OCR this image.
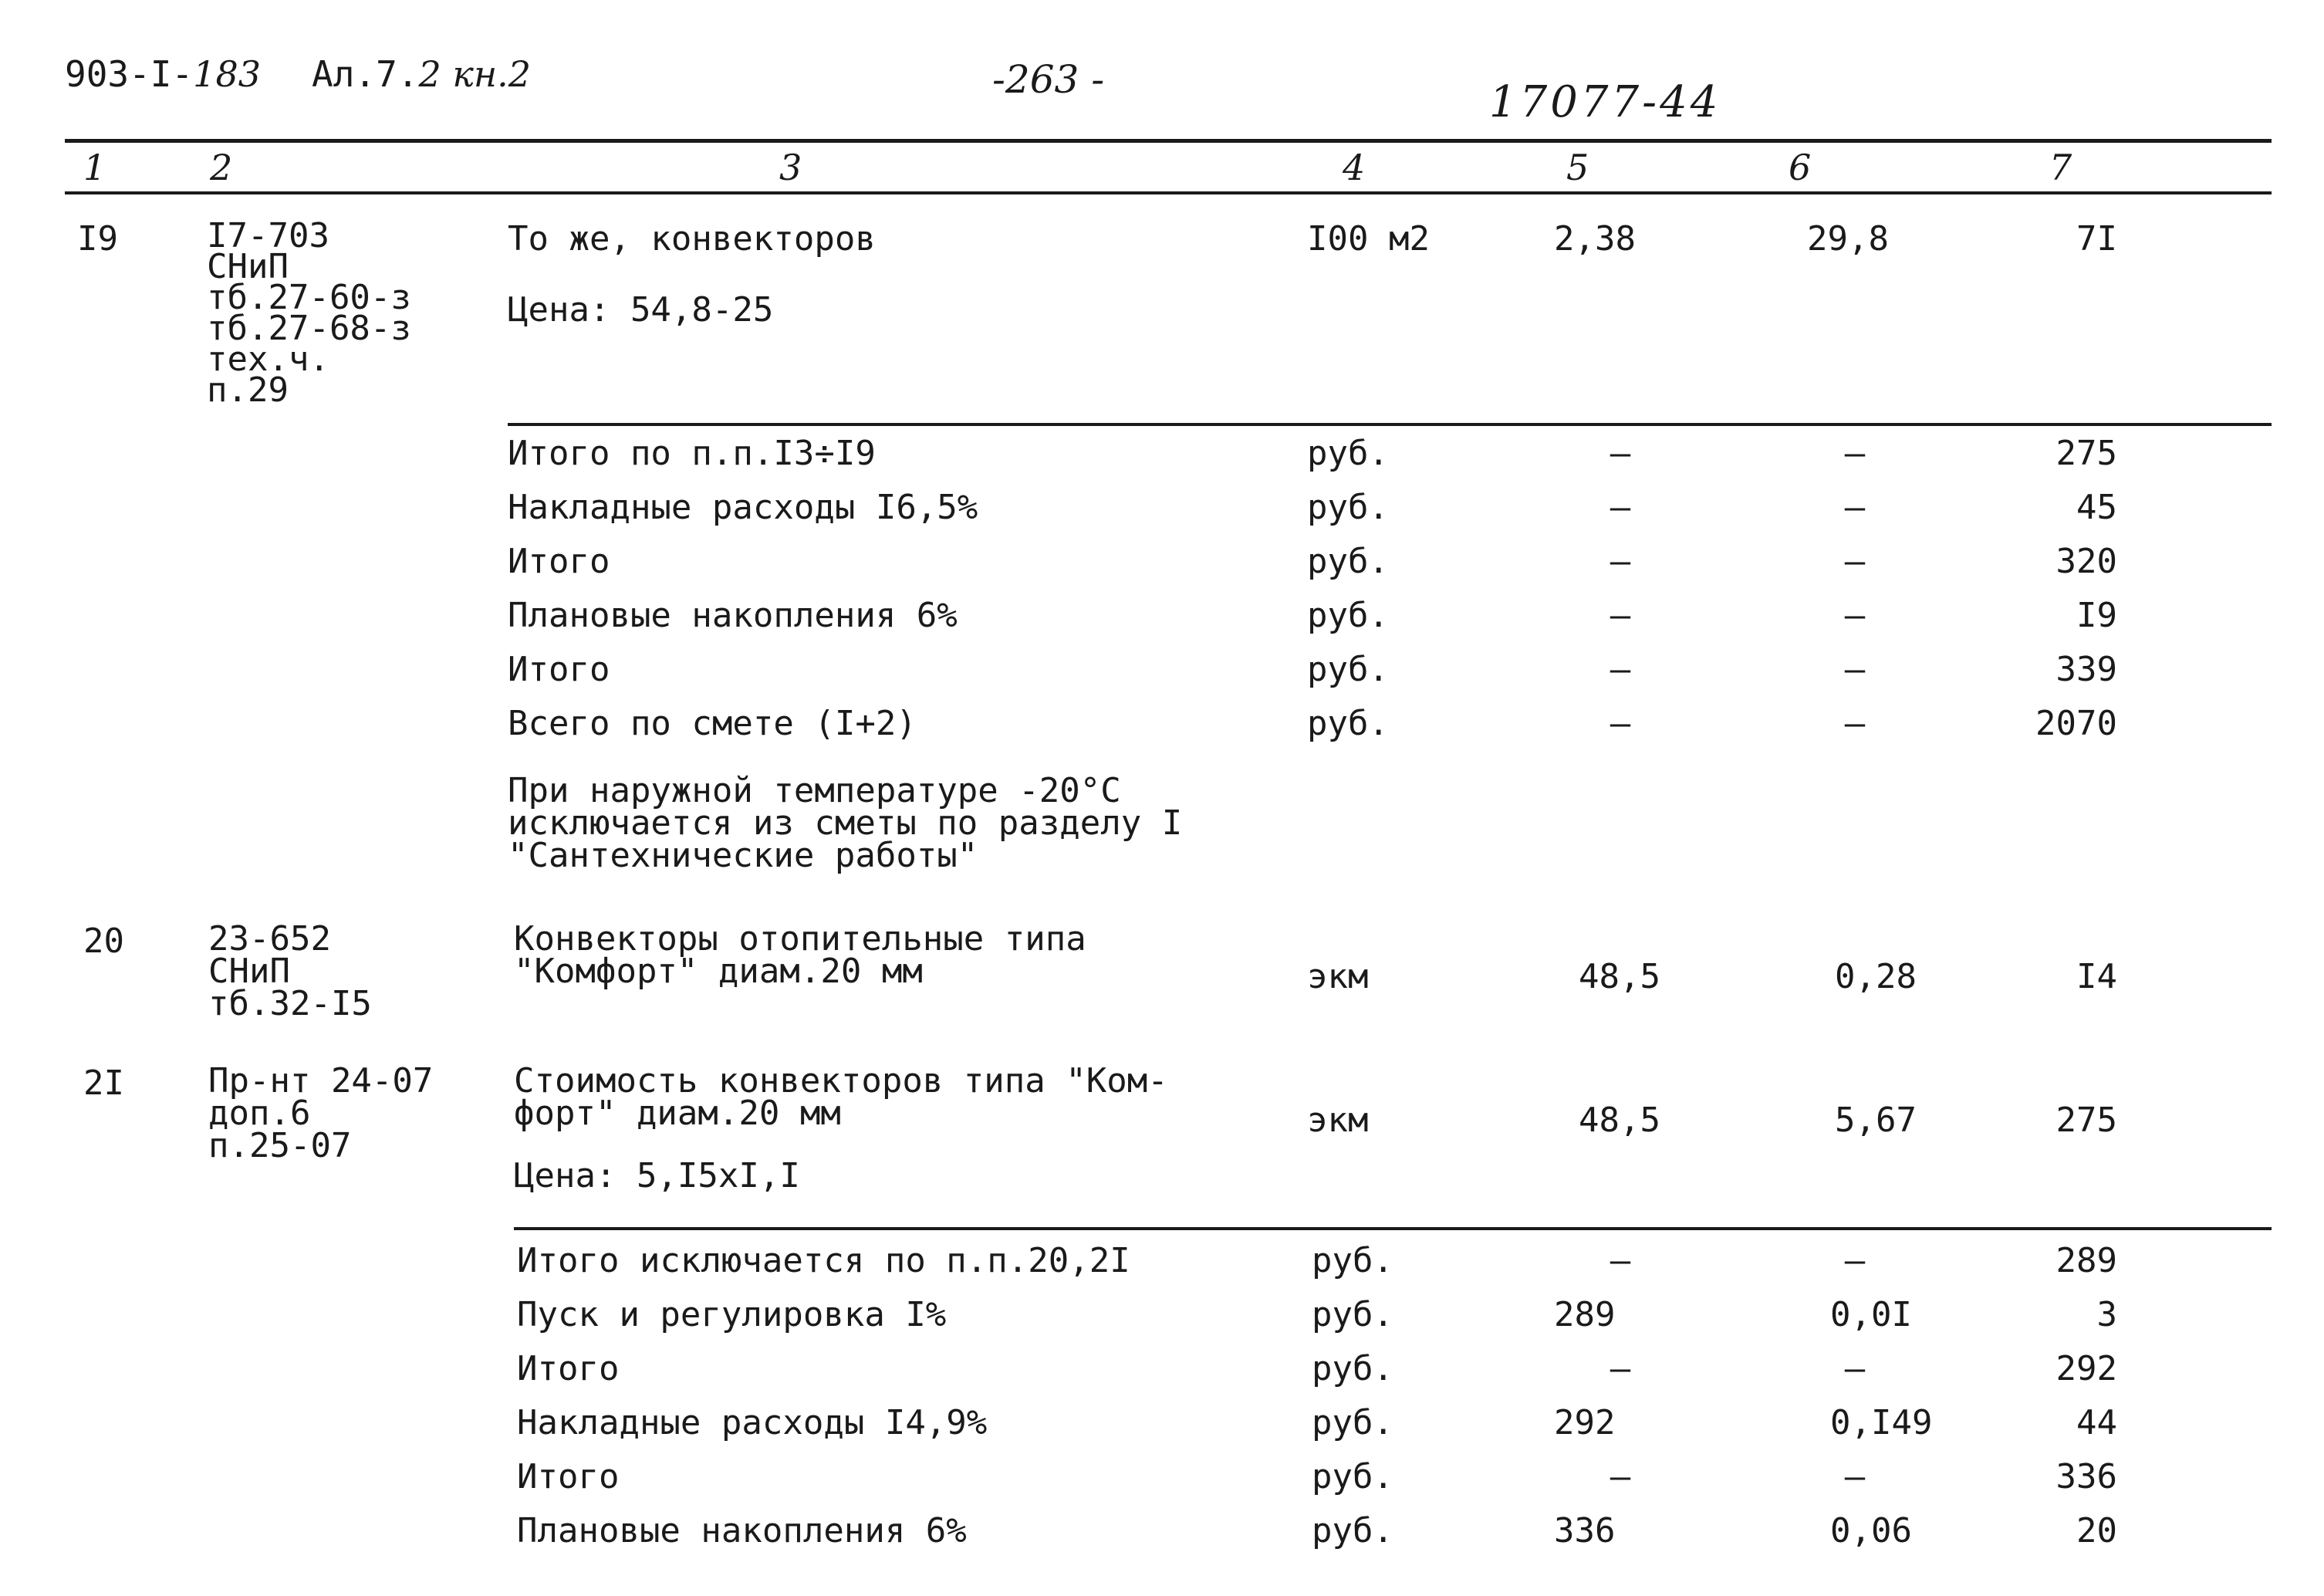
903-I-183 Ал.7.2 кн.2	-263 -	17077-44
1	2	3	4	5	6	7
I9	I7-703
СНиП
тб.27-60-з
тб.27-68-з
тех.ч.
п.29
То же, конвекторов
Цена: 54,8-25
I00 м2	2,38	29,8	7I
Итого по п.п.I3÷I9	руб.	–	–	275
Накладные расходы I6,5%	руб.	–	–	45
Итого	руб.	–	–	320
Плановые накопления 6%	руб.	–	–	I9
Итого	руб.	–	–	339
Всего по смете (I+2)	руб.	–	–	2070
При наружной температуре -20°С
исключается из сметы по разделу I
"Сантехнические работы"
20 23-652
СНиП
тб.32-I5
Конвекторы отопительные типа
"Комфорт" диам.20 мм	экм	48,5	0,28	I4
2I Пр-нт 24-07
доп.6
п.25-07
Стоимость конвекторов типа "Ком-
форт" диам.20 мм
Цена: 5,I5хI,I
экм	48,5	5,67	275
Итого исключается по п.п.20,2I	руб.	–	–	289
Пуск и регулировка I%	руб.	289	0,0I	3
Итого	руб.	–	–	292
Накладные расходы I4,9%	руб.	292	0,I49	44
Итого	руб.	–	–	336
Плановые накопления 6%	руб.	336	0,06	20
